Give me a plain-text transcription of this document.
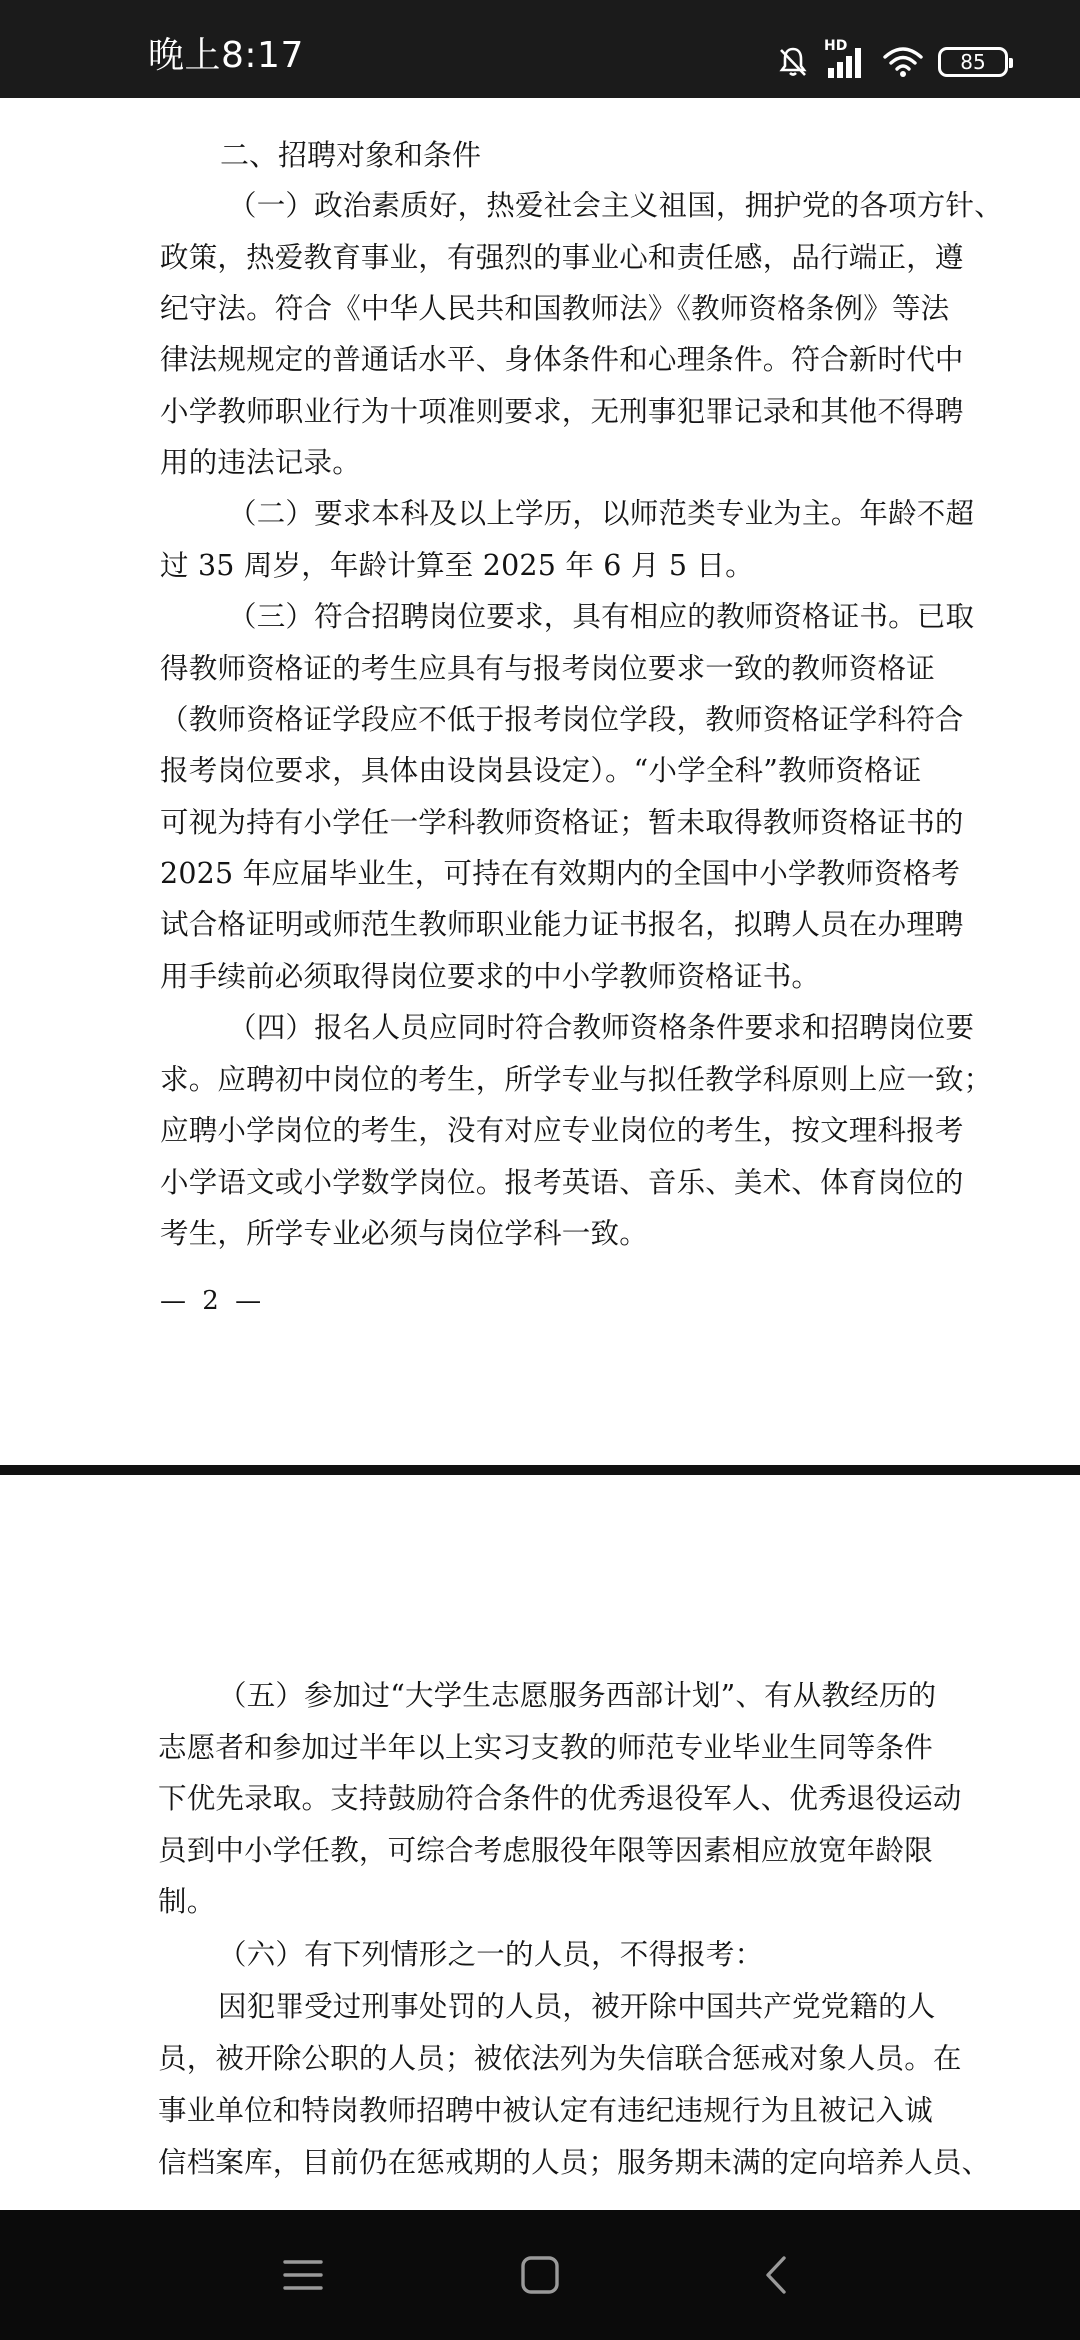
晚上8:17	HD
85
二、招聘对象和条件
（一）政治素质好，热爱社会主义祖国，拥护党的各项方针、
政策，热爱教育事业，有强烈的事业心和责任感，品行端正，遵
纪守法。符合《中华人民共和国教师法》《教师资格条例》等法
律法规规定的普通话水平、身体条件和心理条件。符合新时代中
小学教师职业行为十项准则要求，无刑事犯罪记录和其他不得聘
用的违法记录。
（二）要求本科及以上学历，以师范类专业为主。年龄不超
过 35 周岁，年龄计算至 2025 年 6 月 5 日。
（三）符合招聘岗位要求，具有相应的教师资格证书。已取
得教师资格证的考生应具有与报考岗位要求一致的教师资格证
（教师资格证学段应不低于报考岗位学段，教师资格证学科符合
报考岗位要求，具体由设岗县设定）。“小学全科”教师资格证
可视为持有小学任一学科教师资格证；暂未取得教师资格证书的
2025 年应届毕业生，可持在有效期内的全国中小学教师资格考
试合格证明或师范生教师职业能力证书报名，拟聘人员在办理聘
用手续前必须取得岗位要求的中小学教师资格证书。
（四）报名人员应同时符合教师资格条件要求和招聘岗位要
求。应聘初中岗位的考生，所学专业与拟任教学科原则上应一致；
应聘小学岗位的考生，没有对应专业岗位的考生，按文理科报考
小学语文或小学数学岗位。报考英语、音乐、美术、体育岗位的
考生，所学专业必须与岗位学科一致。
— 2 —
（五）参加过“大学生志愿服务西部计划”、有从教经历的
志愿者和参加过半年以上实习支教的师范专业毕业生同等条件
下优先录取。支持鼓励符合条件的优秀退役军人、优秀退役运动
员到中小学任教，可综合考虑服役年限等因素相应放宽年龄限
制。
（六）有下列情形之一的人员，不得报考：
因犯罪受过刑事处罚的人员，被开除中国共产党党籍的人
员，被开除公职的人员；被依法列为失信联合惩戒对象人员。在
事业单位和特岗教师招聘中被认定有违纪违规行为且被记入诚
信档案库，目前仍在惩戒期的人员；服务期未满的定向培养人员、
